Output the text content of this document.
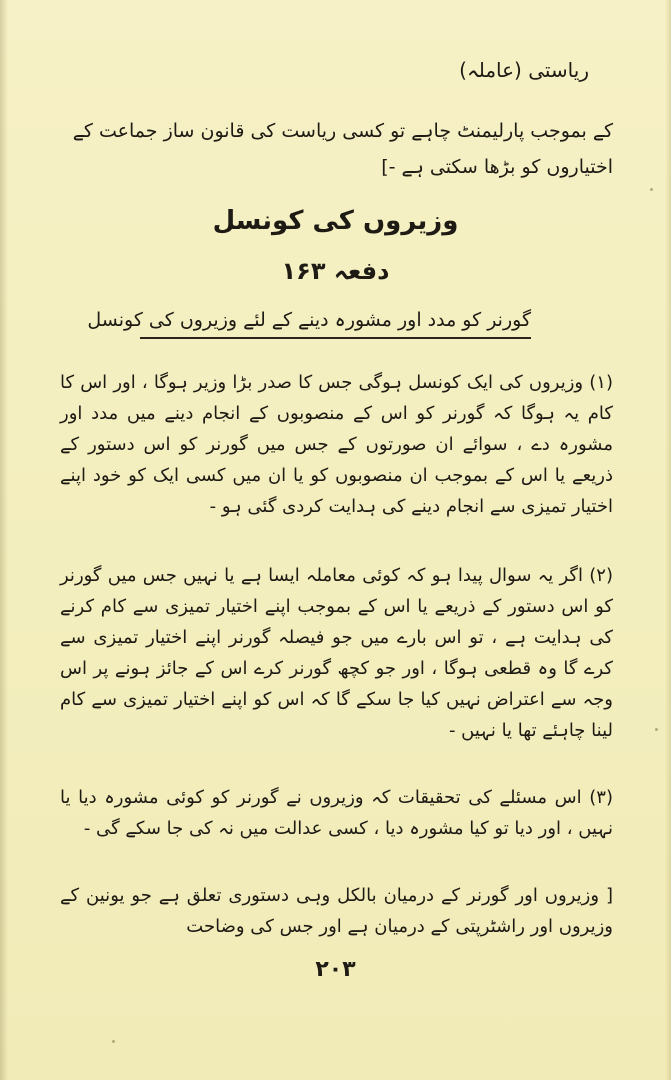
ریاستی (عاملہ)
کے بموجب پارلیمنٹ چاہے تو کسی ریاست کی قانون ساز جماعت کے اختیاروں کو بڑھا سکتی ہے -]
وزیروں کی کونسل
دفعہ ۱۶۳
گورنر کو مدد اور مشورہ دینے کے لئے وزیروں کی کونسل
(۱) وزیروں کی ایک کونسل ہوگی جس کا صدر بڑا وزیر ہوگا ، اور اس کا کام یہ ہوگا کہ گورنر کو اس کے منصوبوں کے انجام دینے میں مدد اور مشورہ دے ، سوائے ان صورتوں کے جس میں گورنر کو اس دستور کے ذریعے یا اس کے بموجب ان منصوبوں کو یا ان میں کسی ایک کو خود اپنے اختیار تمیزی سے انجام دینے کی ہدایت کردی گئی ہو -
(۲) اگر یہ سوال پیدا ہو کہ کوئی معاملہ ایسا ہے یا نہیں جس میں گورنر کو اس دستور کے ذریعے یا اس کے بموجب اپنے اختیار تمیزی سے کام کرنے کی ہدایت ہے ، تو اس بارے میں جو فیصلہ گورنر اپنے اختیار تمیزی سے کرے گا وہ قطعی ہوگا ، اور جو کچھ گورنر کرے اس کے جائز ہونے پر اس وجہ سے اعتراض نہیں کیا جا سکے گا کہ اس کو اپنے اختیار تمیزی سے کام لینا چاہئے تھا یا نہیں -
(۳) اس مسئلے کی تحقیقات کہ وزیروں نے گورنر کو کوئی مشورہ دیا یا نہیں ، اور دیا تو کیا مشورہ دیا ، کسی عدالت میں نہ کی جا سکے گی -
[ وزیروں اور گورنر کے درمیان بالکل وہی دستوری تعلق ہے جو یونین کے وزیروں اور راشٹرپتی کے درمیان ہے اور جس کی وضاحت
۲۰۳
